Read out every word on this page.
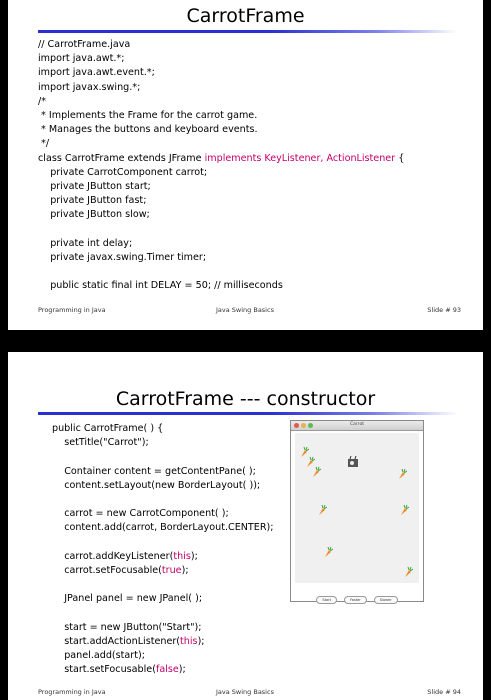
CarrotFrame
// CarrotFrame.java
import java.awt.*;
import java.awt.event.*;
import javax.swing.*;
/*
* Implements the Frame for the carrot game.
* Manages the buttons and keyboard events.
*/
class CarrotFrame extends JFrame implements KeyListener, ActionListener {
private CarrotComponent carrot;
private JButton start;
private JButton fast;
private JButton slow;

private int delay;
private javax.swing.Timer timer;

public static final int DELAY = 50; // milliseconds
Programming in Java	Java Swing Basics	Slide # 93
CarrotFrame --- constructor
public CarrotFrame( ) {
setTitle("Carrot");

Container content = getContentPane( );
content.setLayout(new BorderLayout( ));

carrot = new CarrotComponent( );
content.add(carrot, BorderLayout.CENTER);

carrot.addKeyListener(this);
carrot.setFocusable(true);

JPanel panel = new JPanel( );

start = new JButton("Start");
start.addActionListener(this);
panel.add(start);
start.setFocusable(false);
Programming in Java	Java Swing Basics	Slide # 94
Carrot
Start	Faster	Slower
